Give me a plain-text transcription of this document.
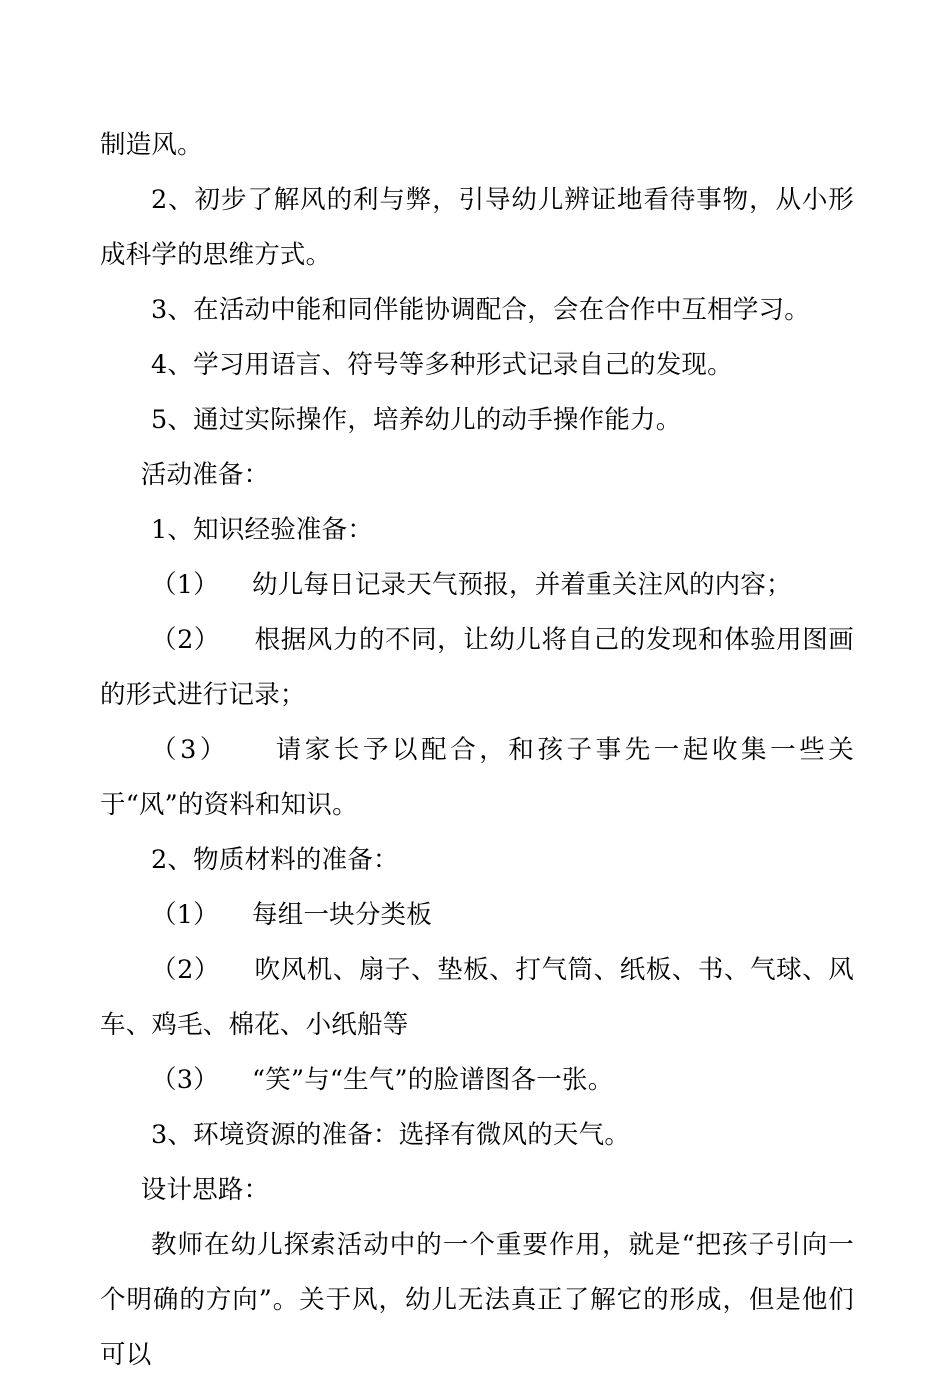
制造风。

2、初步了解风的利与弊，引导幼儿辨证地看待事物，从小形成科学的思维方式。

3、在活动中能和同伴能协调配合，会在合作中互相学习。

4、学习用语言、符号等多种形式记录自己的发现。

5、通过实际操作，培养幼儿的动手操作能力。

活动准备：

1、知识经验准备：

（1）    幼儿每日记录天气预报，并着重关注风的内容；

（2）    根据风力的不同，让幼儿将自己的发现和体验用图画的形式进行记录；

（3）    请家长予以配合，和孩子事先一起收集一些关于“风”的资料和知识。

2、物质材料的准备：

（1）    每组一块分类板

（2）    吹风机、扇子、垫板、打气筒、纸板、书、气球、风车、鸡毛、棉花、小纸船等

（3）    “笑”与“生气”的脸谱图各一张。

3、环境资源的准备：选择有微风的天气。

设计思路：

教师在幼儿探索活动中的一个重要作用，就是“把孩子引向一个明确的方向”。关于风，幼儿无法真正了解它的形成，但是他们可以
